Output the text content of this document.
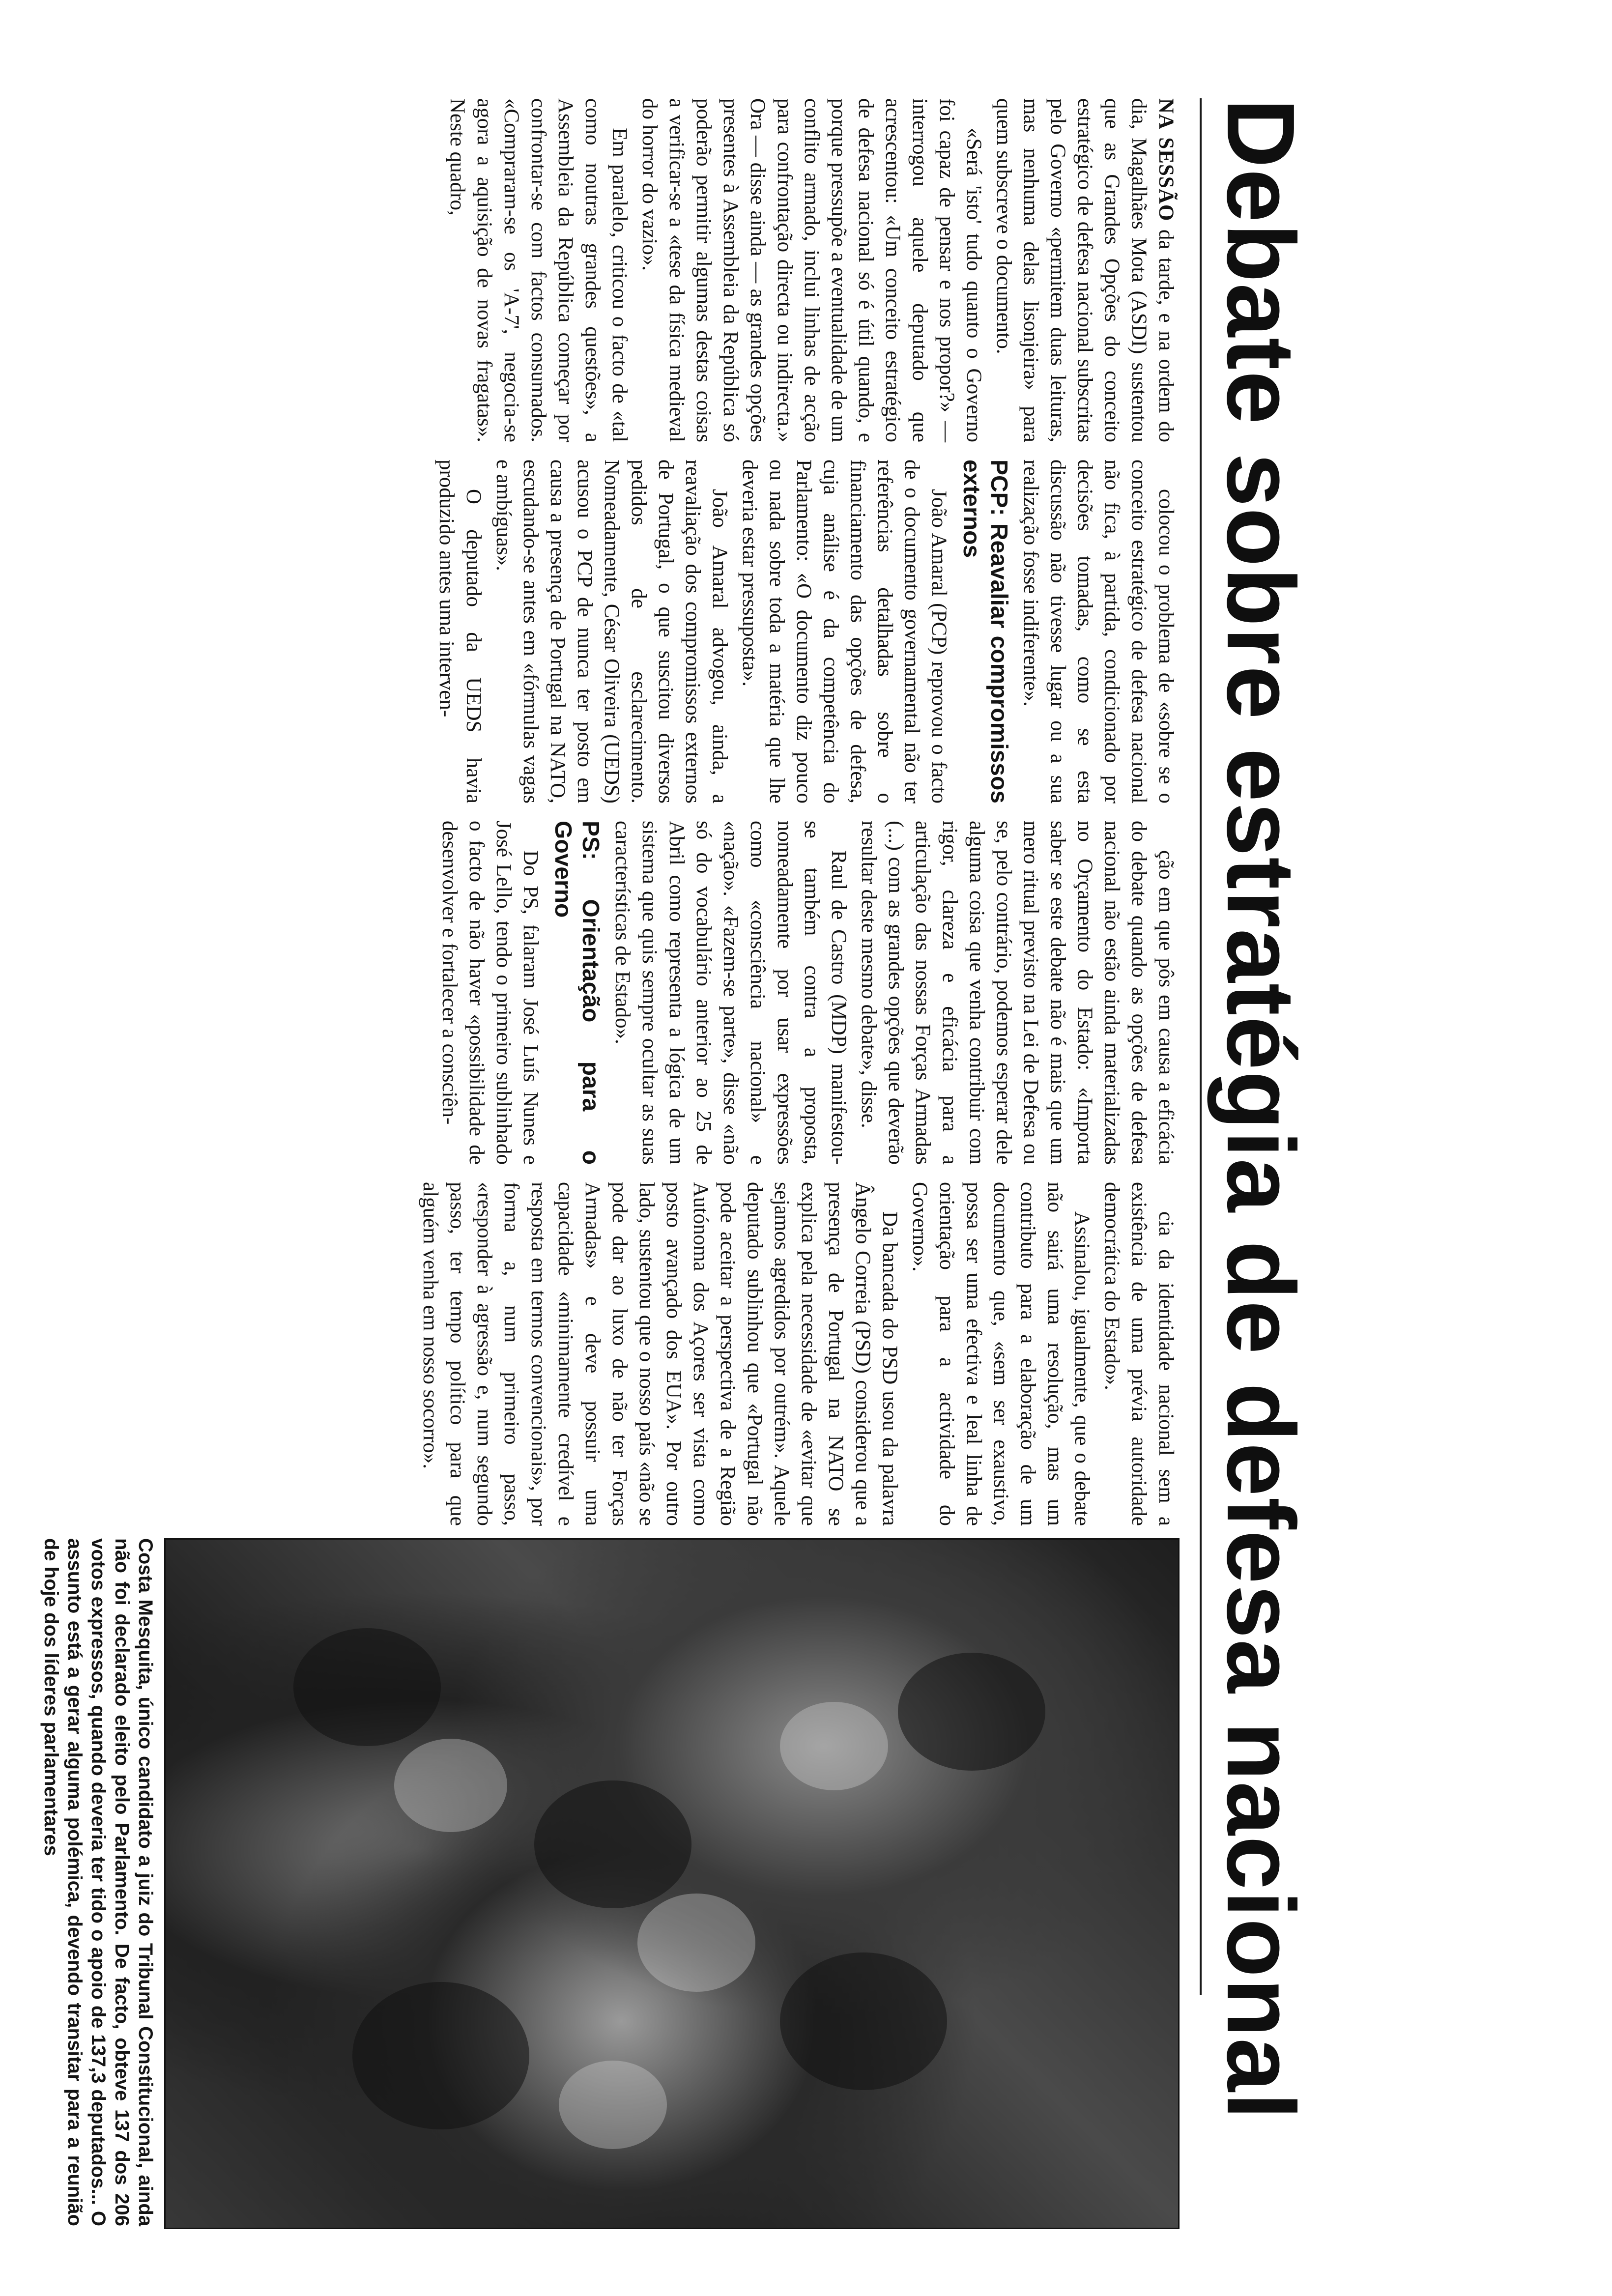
Debate sobre estratégia de defesa nacional

NA SESSÃO da tarde, e na ordem do dia, Magalhães Mota (ASDI) sustentou que as Grandes Opções do conceito estratégico de defesa nacional subscritas pelo Governo «permitem duas leituras, mas nenhuma delas lisonjeira» para quem subscreve o documento.

«Será 'isto' tudo quanto o Governo foi capaz de pensar e nos propor?» — interrogou aquele deputado que acrescentou: «Um conceito estratégico de defesa nacional só é útil quando, e porque pressupõe a eventualidade de um conflito armado, inclui linhas de acção para confrontação directa ou indirecta.» Ora — disse ainda — as grandes opções presentes à Assembleia da República só poderão permitir algumas destas coisas a verificar-se a «tese da física medieval do horror do vazio».

Em paralelo, criticou o facto de «tal como noutras grandes questões», a Assembleia da República começar por confrontar-se com factos consumados. «Compraram-se os 'A-7', negocia-se agora a aquisição de novas fragatas». Neste quadro,

colocou o problema de «sobre se o conceito estratégico de defesa nacional não fica, à partida, condicionado por decisões tomadas, como se esta discussão não tivesse lugar ou a sua realização fosse indiferente».

PCP: Reavaliar compromissos externos

João Amaral (PCP) reprovou o facto de o documento governamental não ter referências detalhadas sobre o financiamento das opções de defesa, cuja análise é da competência do Parlamento: «O documento diz pouco ou nada sobre toda a matéria que lhe deveria estar pressuposta».

João Amaral advogou, ainda, a reavaliação dos compromissos externos de Portugal, o que suscitou diversos pedidos de esclarecimento. Nomeadamente, César Oliveira (UEDS) acusou o PCP de nunca ter posto em causa a presença de Portugal na NATO, escudando-se antes em «fórmulas vagas e ambíguas».

O deputado da UEDS havia produzido antes uma interven-

ção em que pôs em causa a eficácia do debate quando as opções de defesa nacional não estão ainda materializadas no Orçamento do Estado: «Importa saber se este debate não é mais que um mero ritual previsto na Lei de Defesa ou se, pelo contrário, podemos esperar dele alguma coisa que venha contribuir com rigor, clareza e eficácia para a articulação das nossas Forças Armadas (...) com as grandes opções que deverão resultar deste mesmo debate», disse.

Raul de Castro (MDP) manifestou-se também contra a proposta, nomeadamente por usar expressões como «consciência nacional» e «nação». «Fazem-se parte», disse «não só do vocabulário anterior ao 25 de Abril como representa a lógica de um sistema que quis sempre ocultar as suas características de Estado».

PS: Orientação para o Governo

Do PS, falaram José Luís Nunes e José Lello, tendo o primeiro sublinhado o facto de não haver «possibilidade de desenvolver e fortalecer a consciên-

cia da identidade nacional sem a existência de uma prévia autoridade democrática do Estado».

Assinalou, igualmente, que o debate não sairá uma resolução, mas um contributo para a elaboração de um documento que, «sem ser exaustivo, possa ser uma efectiva e leal linha de orientação para a actividade do Governo».

Da bancada do PSD usou da palavra Ângelo Correia (PSD) considerou que a presença de Portugal na NATO se explica pela necessidade de «evitar que sejamos agredidos por outrém». Aquele deputado sublinhou que «Portugal não pode aceitar a perspectiva de a Região Autónoma dos Açores ser vista como posto avançado dos EUA». Por outro lado, sustentou que o nosso país «não se pode dar ao luxo de não ter Forças Armadas» e deve possuir uma capacidade «minimamente credível e resposta em termos convencionais», por forma a, num primeiro passo, «responder à agressão e, num segundo passo, ter tempo político para que alguém venha em nosso socorro».

Costa Mesquita, único candidato a juiz do Tribunal Constitucional, ainda não foi declarado eleito pelo Parlamento. De facto, obteve 137 dos 206 votos expressos, quando deveria ter tido o apoio de 137,3 deputados... O assunto está a gerar alguma polémica, devendo transitar para a reunião de hoje dos líderes parlamentares
